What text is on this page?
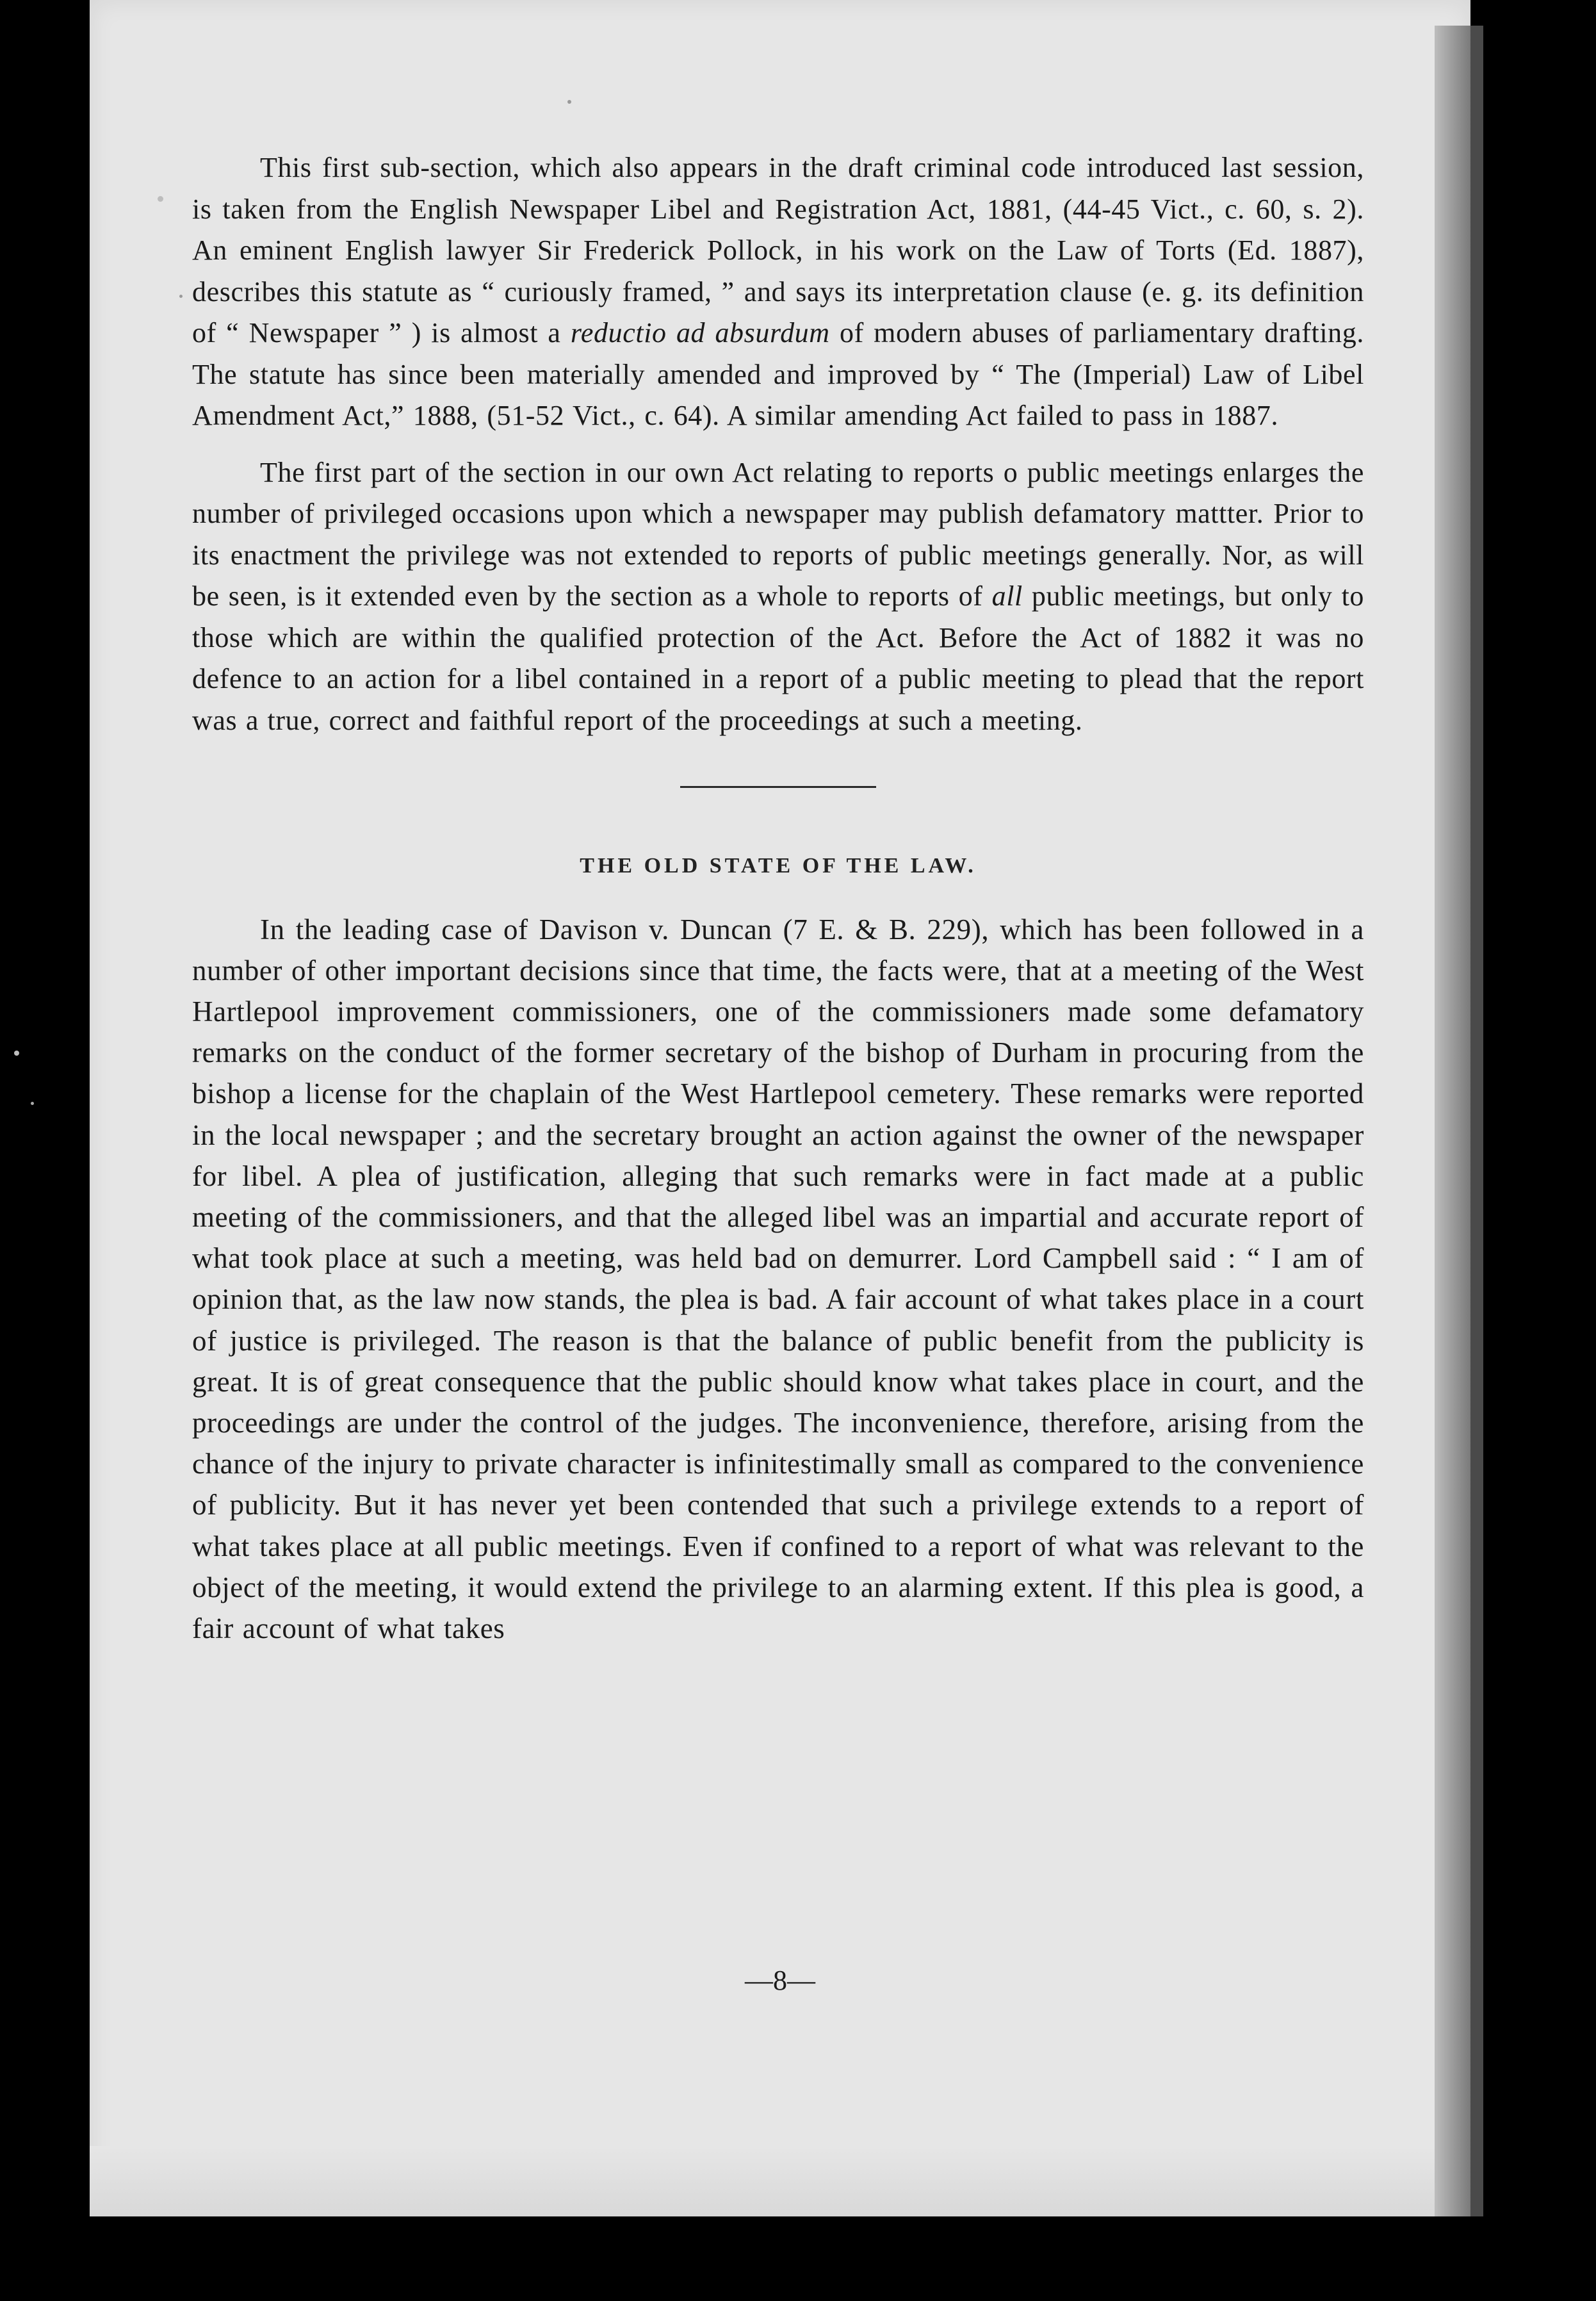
This first sub-section, which also appears in the draft criminal code introduced last session, is taken from the English Newspaper Libel and Registration Act, 1881, (44-45 Vict., c. 60, s. 2). An eminent English lawyer Sir Frederick Pollock, in his work on the Law of Torts (Ed. 1887), describes this statute as “ curiously framed, ” and says its interpretation clause (e. g. its definition of “ Newspaper ” ) is almost a reductio ad absurdum of modern abuses of parliamentary drafting. The statute has since been materially amended and improved by “ The (Imperial) Law of Libel Amendment Act,” 1888, (51-52 Vict., c. 64). A similar amending Act failed to pass in 1887.

The first part of the section in our own Act relating to reports o public meetings enlarges the number of privileged occasions upon which a newspaper may publish defamatory mattter. Prior to its enactment the privilege was not extended to reports of public meetings generally. Nor, as will be seen, is it extended even by the section as a whole to reports of all public meetings, but only to those which are within the qualified protection of the Act. Before the Act of 1882 it was no defence to an action for a libel contained in a report of a public meeting to plead that the report was a true, correct and faithful report of the proceedings at such a meeting.

THE OLD STATE OF THE LAW.

In the leading case of Davison v. Duncan (7 E. & B. 229), which has been followed in a number of other important decisions since that time, the facts were, that at a meeting of the West Hartlepool improvement commissioners, one of the commissioners made some defamatory remarks on the conduct of the former secretary of the bishop of Durham in procuring from the bishop a license for the chaplain of the West Hartlepool cemetery. These remarks were reported in the local newspaper ; and the secretary brought an action against the owner of the newspaper for libel. A plea of justification, alleging that such remarks were in fact made at a public meeting of the commissioners, and that the alleged libel was an impartial and accurate report of what took place at such a meeting, was held bad on demurrer. Lord Campbell said : “ I am of opinion that, as the law now stands, the plea is bad. A fair account of what takes place in a court of justice is privileged. The reason is that the balance of public benefit from the publicity is great. It is of great consequence that the public should know what takes place in court, and the proceedings are under the control of the judges. The inconvenience, therefore, arising from the chance of the injury to private character is infinitestimally small as compared to the convenience of publicity. But it has never yet been contended that such a privilege extends to a report of what takes place at all public meetings. Even if confined to a report of what was relevant to the object of the meeting, it would extend the privilege to an alarming extent. If this plea is good, a fair account of what takes

—8—
